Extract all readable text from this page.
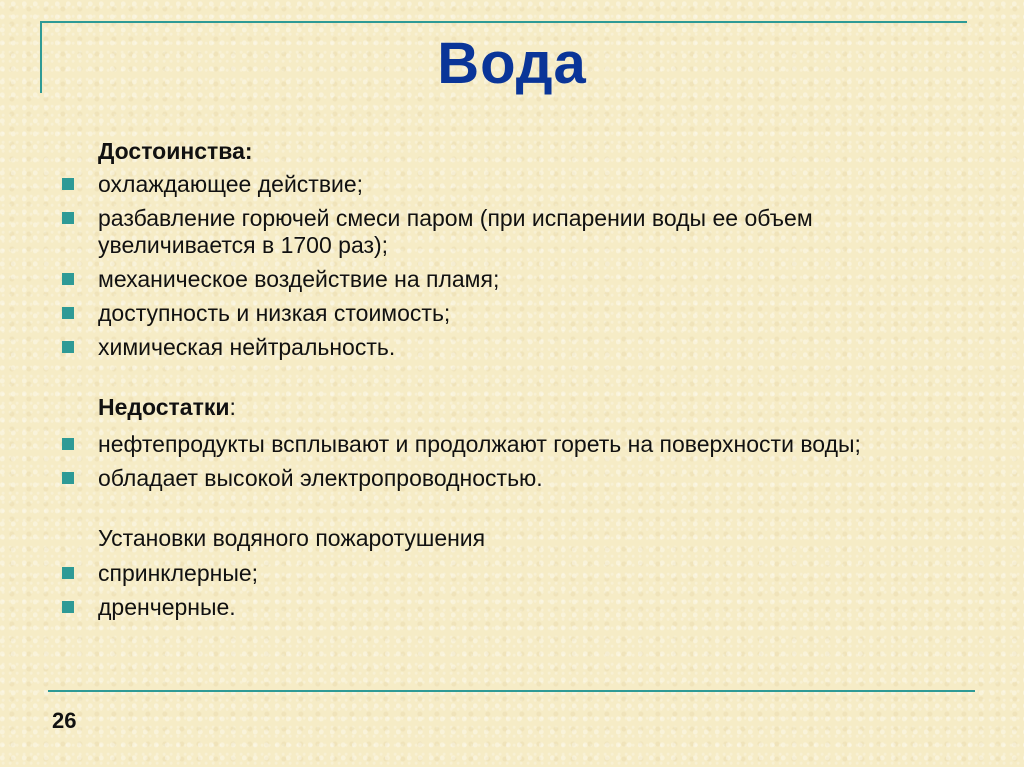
Вода

Достоинства:

охлаждающее действие;
разбавление горючей смеси паром (при испарении воды ее объем увеличивается в 1700 раз);
механическое воздействие на пламя;
доступность и низкая стоимость;
химическая нейтральность.

Недостатки:

нефтепродукты всплывают и продолжают гореть на поверхности воды;
обладает высокой электропроводностью.

Установки водяного пожаротушения

спринклерные;
дренчерные.
26
